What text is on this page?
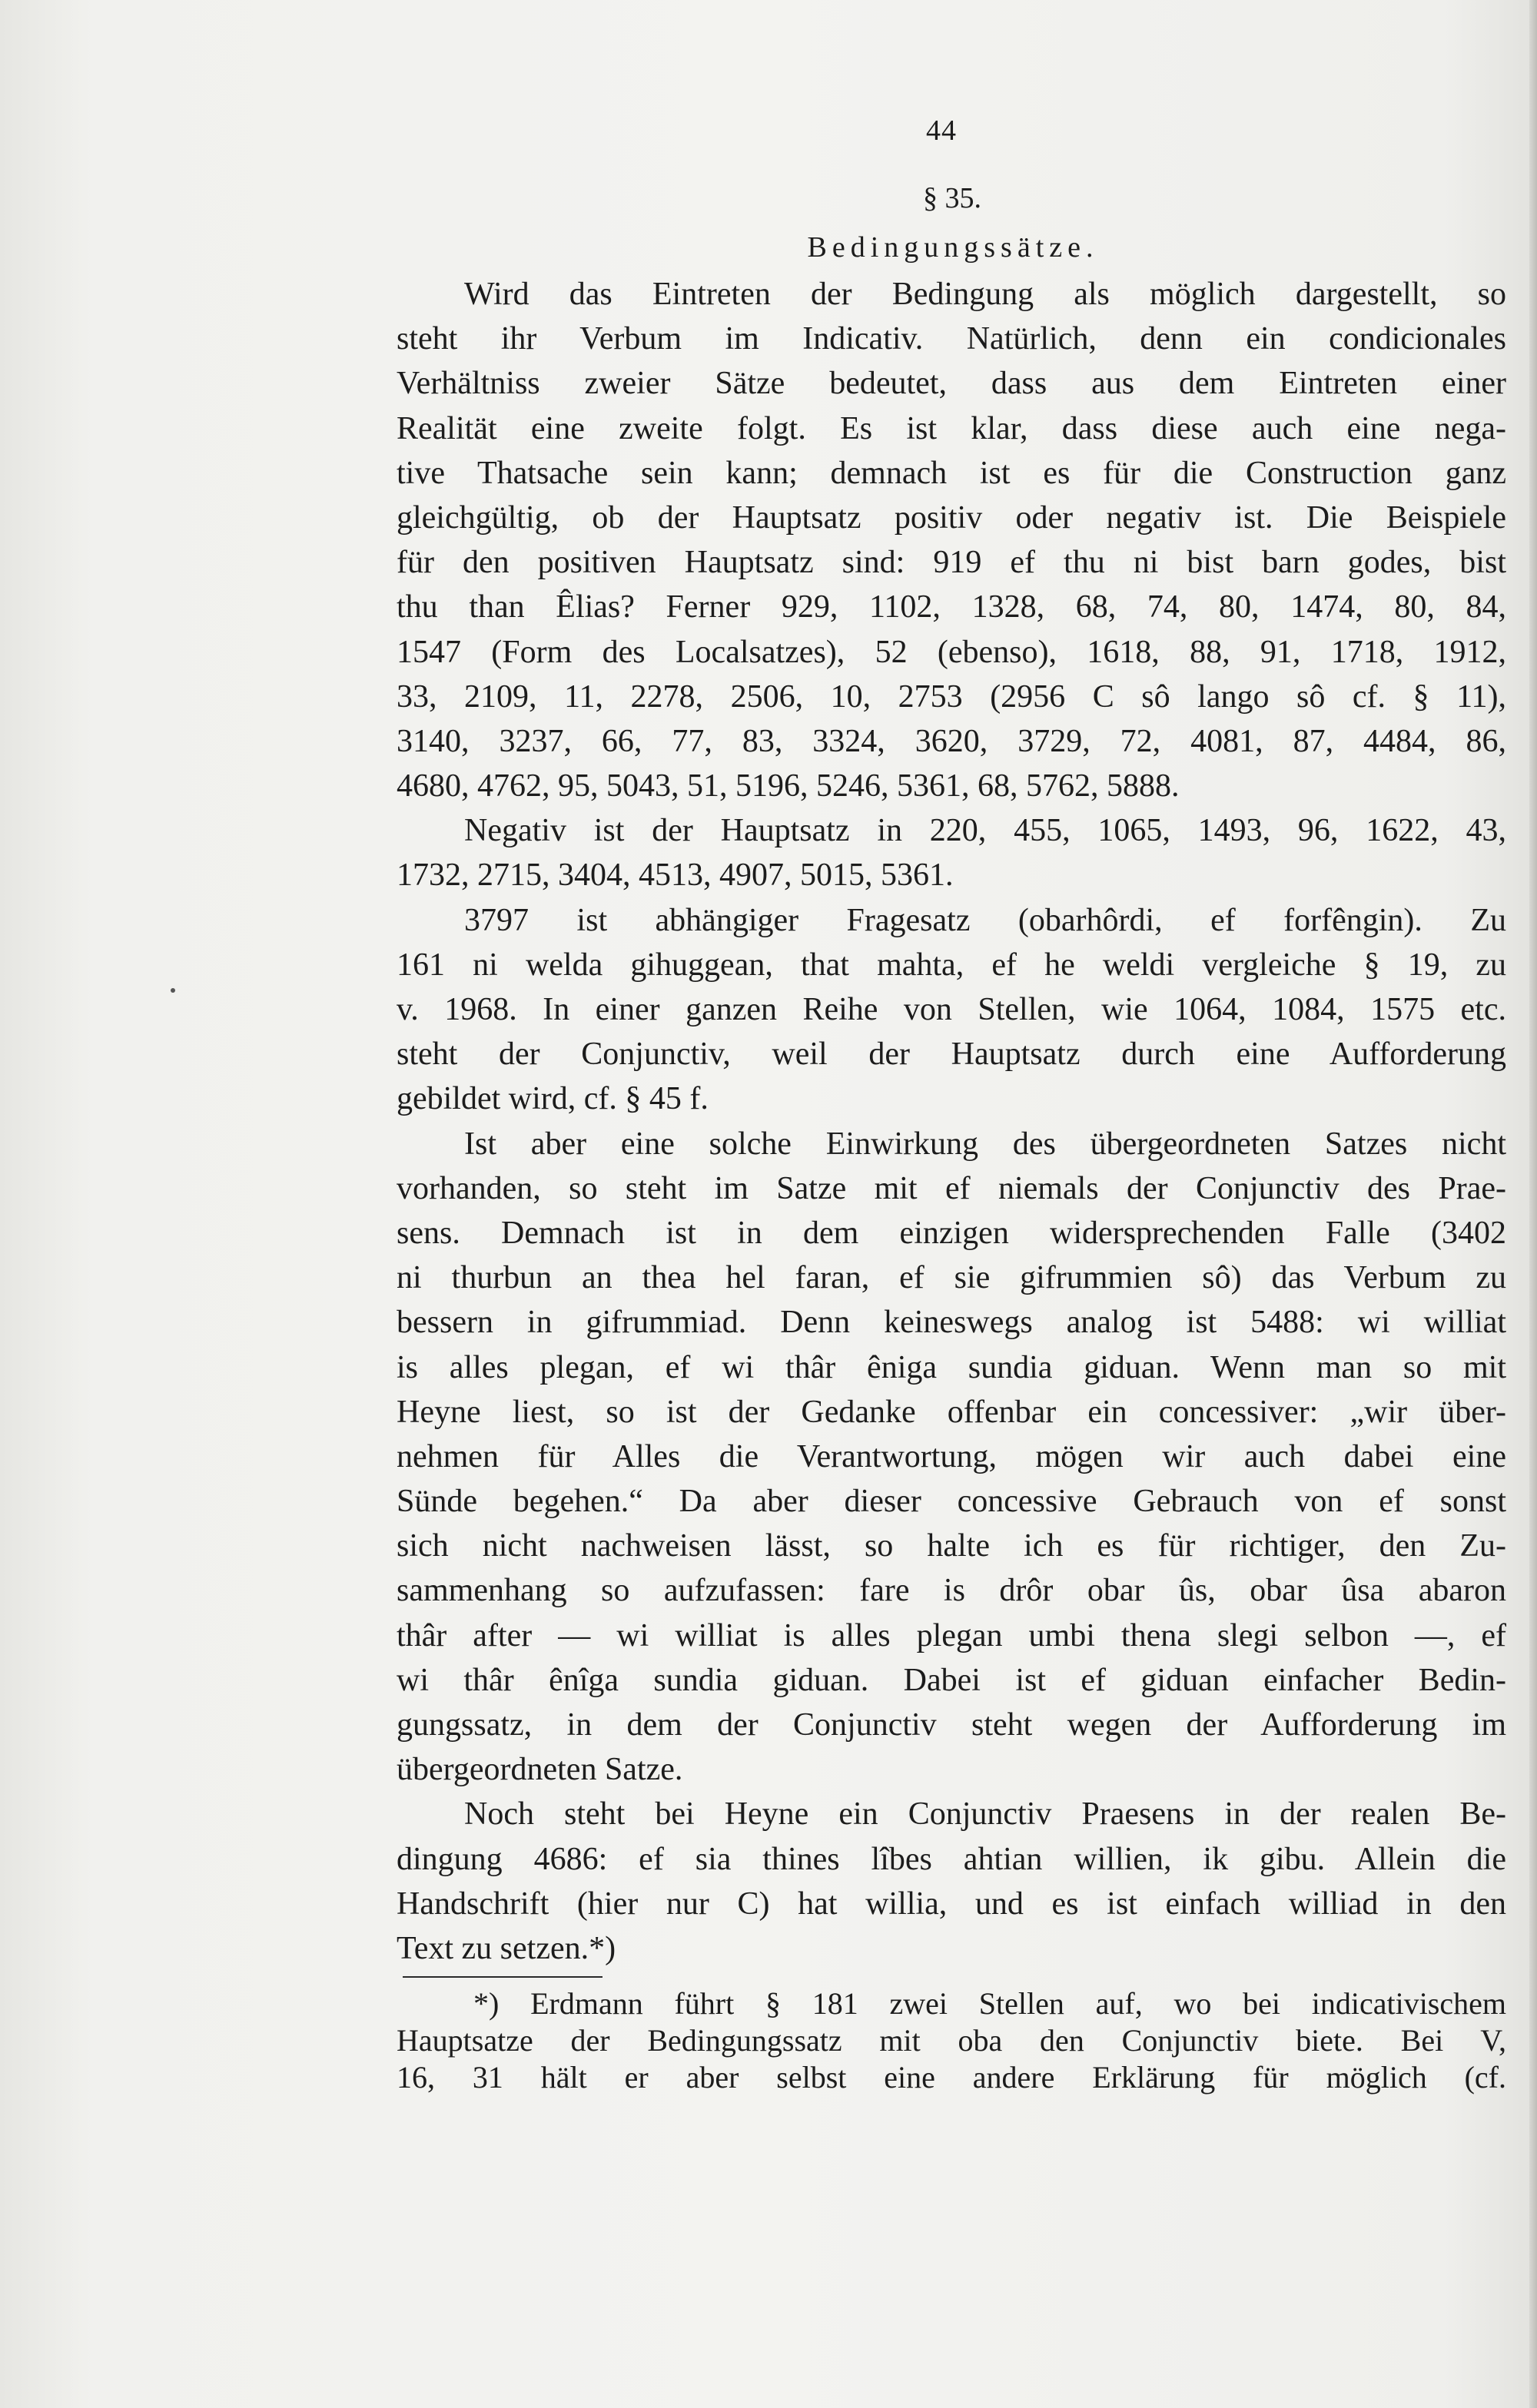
44
§ 35.
Bedingungssätze.
Wird das Eintreten der Bedingung als möglich dargestellt, so
steht ihr Verbum im Indicativ. Natürlich, denn ein condicionales
Verhältniss zweier Sätze bedeutet, dass aus dem Eintreten einer
Realität eine zweite folgt. Es ist klar, dass diese auch eine nega-
tive Thatsache sein kann; demnach ist es für die Construction ganz
gleichgültig, ob der Hauptsatz positiv oder negativ ist. Die Beispiele
für den positiven Hauptsatz sind: 919 ef thu ni bist barn godes, bist
thu than Êlias? Ferner 929, 1102, 1328, 68, 74, 80, 1474, 80, 84,
1547 (Form des Localsatzes), 52 (ebenso), 1618, 88, 91, 1718, 1912,
33, 2109, 11, 2278, 2506, 10, 2753 (2956 C sô lango sô cf. § 11),
3140, 3237, 66, 77, 83, 3324, 3620, 3729, 72, 4081, 87, 4484, 86,
4680, 4762, 95, 5043, 51, 5196, 5246, 5361, 68, 5762, 5888.
Negativ ist der Hauptsatz in 220, 455, 1065, 1493, 96, 1622, 43,
1732, 2715, 3404, 4513, 4907, 5015, 5361.
3797 ist abhängiger Fragesatz (obarhôrdi, ef forfêngin). Zu
161 ni welda gihuggean, that mahta, ef he weldi vergleiche § 19, zu
v. 1968. In einer ganzen Reihe von Stellen, wie 1064, 1084, 1575 etc.
steht der Conjunctiv, weil der Hauptsatz durch eine Aufforderung
gebildet wird, cf. § 45 f.
Ist aber eine solche Einwirkung des übergeordneten Satzes nicht
vorhanden, so steht im Satze mit ef niemals der Conjunctiv des Prae-
sens. Demnach ist in dem einzigen widersprechenden Falle (3402
ni thurbun an thea hel faran, ef sie gifrummien sô) das Verbum zu
bessern in gifrummiad. Denn keineswegs analog ist 5488: wi williat
is alles plegan, ef wi thâr êniga sundia giduan. Wenn man so mit
Heyne liest, so ist der Gedanke offenbar ein concessiver: „wir über-
nehmen für Alles die Verantwortung, mögen wir auch dabei eine
Sünde begehen.“ Da aber dieser concessive Gebrauch von ef sonst
sich nicht nachweisen lässt, so halte ich es für richtiger, den Zu-
sammenhang so aufzufassen: fare is drôr obar ûs, obar ûsa abaron
thâr after — wi williat is alles plegan umbi thena slegi selbon —, ef
wi thâr ênîga sundia giduan. Dabei ist ef giduan einfacher Bedin-
gungssatz, in dem der Conjunctiv steht wegen der Aufforderung im
übergeordneten Satze.
Noch steht bei Heyne ein Conjunctiv Praesens in der realen Be-
dingung 4686: ef sia thines lîbes ahtian willien, ik gibu. Allein die
Handschrift (hier nur C) hat willia, und es ist einfach williad in den
Text zu setzen.*)
*) Erdmann führt § 181 zwei Stellen auf, wo bei indicativischem
Hauptsatze der Bedingungssatz mit oba den Conjunctiv biete. Bei V,
16, 31 hält er aber selbst eine andere Erklärung für möglich (cf.
